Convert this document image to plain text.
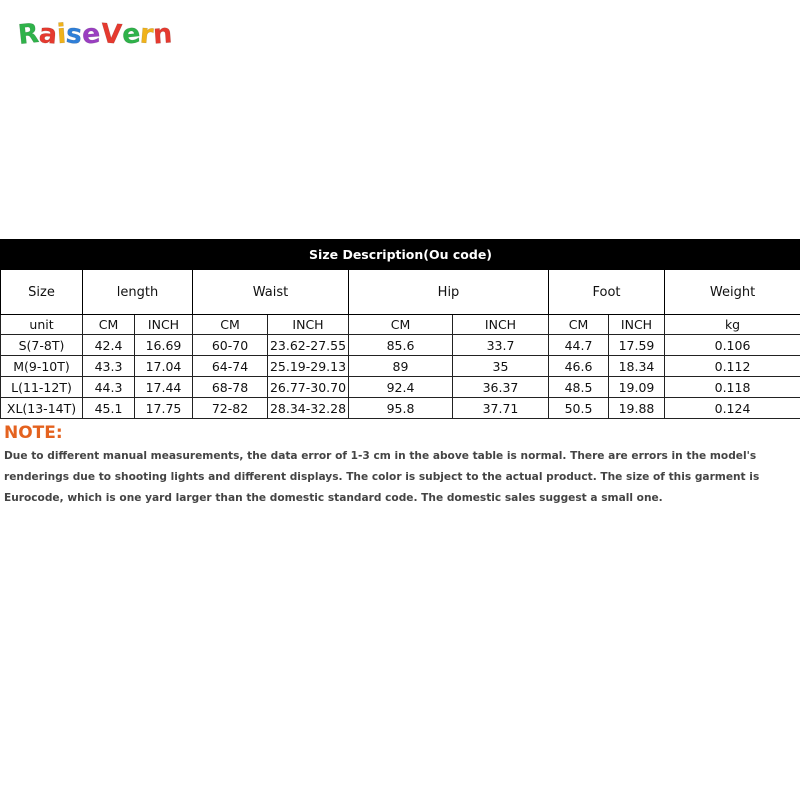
R
a
i
s
e
V
e
r
n
Size Description(Ou code)									
Size	length		Waist		Hip		Foot		Weight
unit	CM	INCH	CM	INCH	CM	INCH	CM	INCH	kg
S(7-8T)	42.4	16.69	60-70	23.62-27.55	85.6	33.7	44.7	17.59	0.106
M(9-10T)	43.3	17.04	64-74	25.19-29.13	89	35	46.6	18.34	0.112
L(11-12T)	44.3	17.44	68-78	26.77-30.70	92.4	36.37	48.5	19.09	0.118
XL(13-14T)	45.1	17.75	72-82	28.34-32.28	95.8	37.71	50.5	19.88	0.124

NOTE:

Due to different manual measurements, the data error of 1-3 cm in the above table is normal. There are errors in the model's renderings due to shooting lights and different displays. The color is subject to the actual product. The size of this garment is Eurocode, which is one yard larger than the domestic standard code. The domestic sales suggest a small one.
